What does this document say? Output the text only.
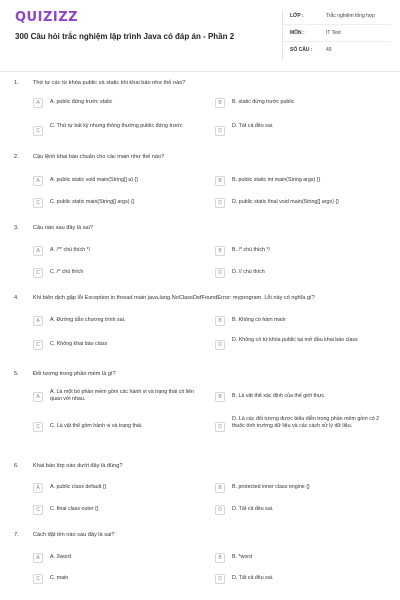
QUIZIZZ
300 Câu hỏi trắc nghiệm lập trình Java có đáp án - Phần 2
LỚP :	Trắc nghiệm tổng hợp
MÔN :	IT Test
SỐ CÂU :	49
1.	Thứ tự các từ khóa public và static khi khai báo như thế nào?
A	A. public đứng trước static	B	B. static đứng trước public
C
C. Thứ tự bất kỳ nhưng thông thường public đứng trước
D
D. Tất cả đều sai.
2.	Câu lệnh khai báo chuẩn cho các main như thế nào?
A	A. public static void main(String[] a) {}	B	B. public static int main(String args) {}
C	C. public static main(String[] args) {}	D	D. public static final void main(String[] args) {}
3.	Câu nào sau đây là sai?
A	A. /** chú thích */	B	B. /* chú thích */
C	C. /* chú thích	D	D. // chú thích
4.	Khi biên dịch gặp lỗi Exception in thread main java.lang.NoClassDefFoundError: myprogram. Lỗi này có nghĩa gì?
A	A. Đường dẫn chương trình sai.	B	B. Không có hàm main
C	C. Không khai báo class	D
D. Không có từ khóa public tại mở đầu khai báo class
5.	Đối tượng trong phần mềm là gì?
A
A. Là một bó phần mềm gồm các hành vi và trạng thái có liên quan với nhau.	B	B. Là vật thể xác định của thế giới thực.
C	C. Là vật thể gồm hành vi và trạng thái.	D
D. Là các đối tượng được biểu diễn trong phần mềm gồm có 2 thuộc tính trường dữ liệu và các cách xử lý dữ liệu.
6.	Khai báo lớp nào dưới đây là đúng?
A	A. public class default {}	B	B. protected inner class engine {}
C	C. final class outer {}	D	D. Tất cả đều sai.
7.	Cách đặt tên nào sau đây là sai?
A	A. 2word	B	B. *word
C	C. main	D	D. Tất cả đều sai.
